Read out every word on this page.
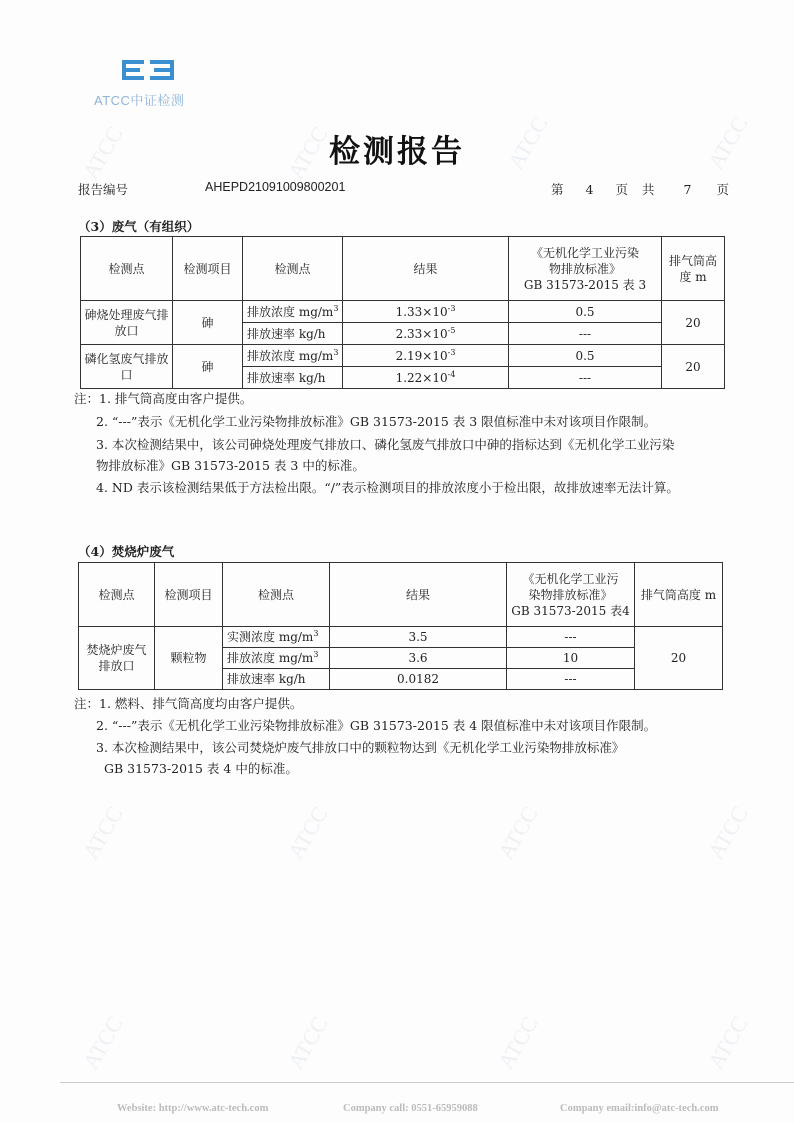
ATCC	ATCC	ATCC	ATCC
ATCC	ATCC	ATCC	ATCC
ATCC	ATCC	ATCC	ATCC
ATCC中证检测
检测报告
报告编号	AHEPD21091009800201	第 4 页共 7 页
（3）废气（有组织）
检测点	检测项目	检测点	结果	《无机化学工业污染
物排放标准》
GB 31573-2015 表 3	排气筒高度 m
砷烧处理废气排放口	砷	排放浓度 $mg/m^3$	$1.33\times 10^{-3}$	0.5	20
		排放速率 kg/h	$2.33\times 10^{-5}$	---	
磷化氢废气排放口	砷	排放浓度 $mg/m^3$	$2.19\times 10^{-3}$	0.5	20
		排放速率 kg/h	$1.22\times 10^{-4}$	---	
注：1. 排气筒高度由客户提供。
2. “---”表示《无机化学工业污染物排放标准》GB 31573-2015 表 3 限值标准中未对该项目作限制。
3. 本次检测结果中，该公司砷烧处理废气排放口、磷化氢废气排放口中砷的指标达到《无机化学工业污染
物排放标准》GB 31573-2015 表 3 中的标准。
4. ND 表示该检测结果低于方法检出限。“/”表示检测项目的排放浓度小于检出限，故排放速率无法计算。
（4）焚烧炉废气
检测点	检测项目	检测点	结果	《无机化学工业污
染物排放标准》
GB 31573-2015 表4	排气筒高度 m
焚烧炉废气排放口	颗粒物	实测浓度 $mg/m^3$	3.5	---	20
		排放浓度 $mg/m^3$	3.6	10	
		排放速率 kg/h	0.0182	---	
注：1. 燃料、排气筒高度均由客户提供。
2. “---”表示《无机化学工业污染物排放标准》GB 31573-2015 表 4 限值标准中未对该项目作限制。
3. 本次检测结果中，该公司焚烧炉废气排放口中的颗粒物达到《无机化学工业污染物排放标准》
GB 31573-2015 表 4 中的标准。
Website: http://www.atc-tech.com	Company call: 0551-65959088	Company email:info@atc-tech.com
